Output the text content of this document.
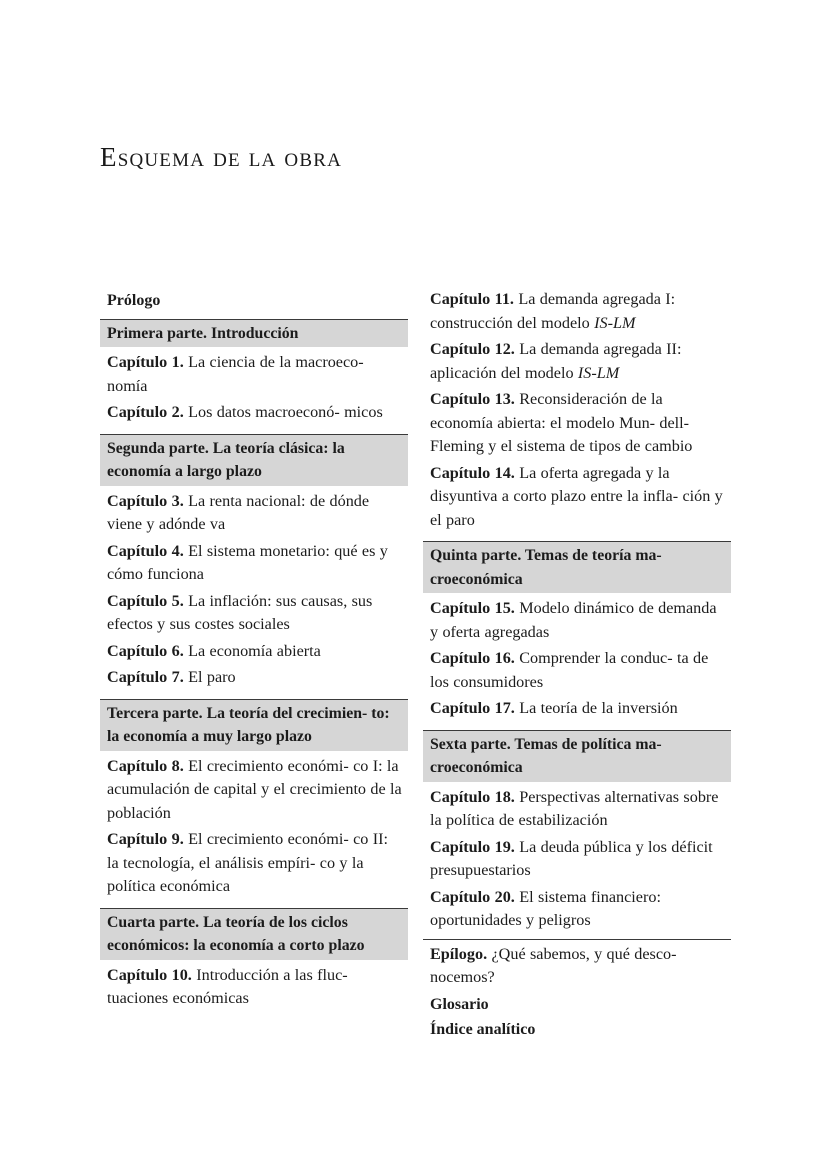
Esquema de la obra
Prólogo
Primera parte. Introducción
Capítulo 1. La ciencia de la macroeco- nomía
Capítulo 2. Los datos macroeconó- micos
Segunda parte. La teoría clásica: la economía a largo plazo
Capítulo 3. La renta nacional: de dónde viene y adónde va
Capítulo 4. El sistema monetario: qué es y cómo funciona
Capítulo 5. La inflación: sus causas, sus efectos y sus costes sociales
Capítulo 6. La economía abierta
Capítulo 7. El paro
Tercera parte. La teoría del crecimien- to: la economía a muy largo plazo
Capítulo 8. El crecimiento económi- co I: la acumulación de capital y el crecimiento de la población
Capítulo 9. El crecimiento económi- co II: la tecnología, el análisis empíri- co y la política económica
Cuarta parte. La teoría de los ciclos económicos: la economía a corto plazo
Capítulo 10. Introducción a las fluc- tuaciones económicas
Capítulo 11. La demanda agregada I: construcción del modelo IS-LM
Capítulo 12. La demanda agregada II: aplicación del modelo IS-LM
Capítulo 13. Reconsideración de la economía abierta: el modelo Mun- dell-Fleming y el sistema de tipos de cambio
Capítulo 14. La oferta agregada y la disyuntiva a corto plazo entre la infla- ción y el paro
Quinta parte. Temas de teoría ma- croeconómica
Capítulo 15. Modelo dinámico de demanda y oferta agregadas
Capítulo 16. Comprender la conduc- ta de los consumidores
Capítulo 17. La teoría de la inversión
Sexta parte. Temas de política ma- croeconómica
Capítulo 18. Perspectivas alternativas sobre la política de estabilización
Capítulo 19. La deuda pública y los déficit presupuestarios
Capítulo 20. El sistema financiero: oportunidades y peligros
Epílogo. ¿Qué sabemos, y qué desco- nocemos?
Glosario
Índice analítico
